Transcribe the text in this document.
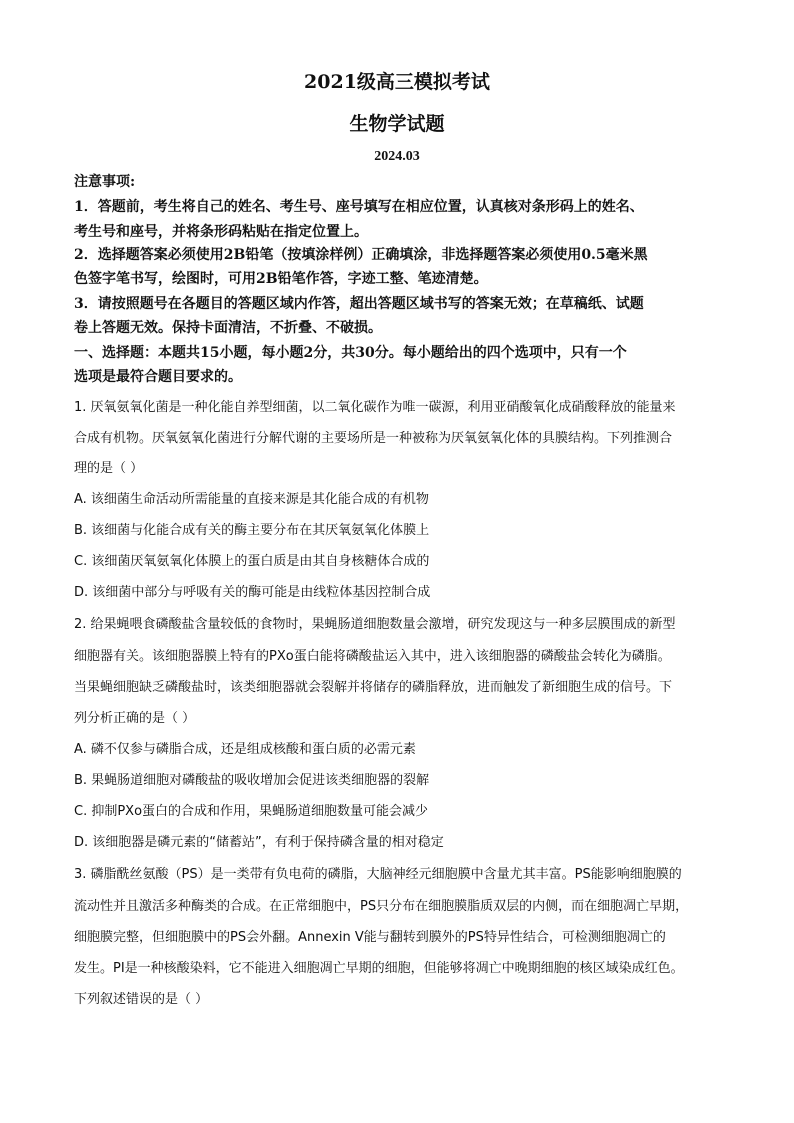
2021级高三模拟考试
生物学试题
2024.03
注意事项:
1．答题前，考生将自己的姓名、考生号、座号填写在相应位置，认真核对条形码上的姓名、
考生号和座号，并将条形码粘贴在指定位置上。
2．选择题答案必须使用2B铅笔（按填涂样例）正确填涂，非选择题答案必须使用0.5毫米黑
色签字笔书写，绘图时，可用2B铅笔作答，字迹工整、笔迹清楚。
3．请按照题号在各题目的答题区域内作答，超出答题区域书写的答案无效；在草稿纸、试题
卷上答题无效。保持卡面清洁，不折叠、不破损。
一、选择题：本题共15小题，每小题2分，共30分。每小题给出的四个选项中，只有一个
选项是最符合题目要求的。
1. 厌氧氨氧化菌是一种化能自养型细菌，以二氧化碳作为唯一碳源，利用亚硝酸氧化成硝酸释放的能量来
合成有机物。厌氧氨氧化菌进行分解代谢的主要场所是一种被称为厌氧氨氧化体的具膜结构。下列推测合
理的是（ ）
A. 该细菌生命活动所需能量的直接来源是其化能合成的有机物
B. 该细菌与化能合成有关的酶主要分布在其厌氧氨氧化体膜上
C. 该细菌厌氧氨氧化体膜上的蛋白质是由其自身核糖体合成的
D. 该细菌中部分与呼吸有关的酶可能是由线粒体基因控制合成
2. 给果蝇喂食磷酸盐含量较低的食物时，果蝇肠道细胞数量会激增，研究发现这与一种多层膜围成的新型
细胞器有关。该细胞器膜上特有的PXo蛋白能将磷酸盐运入其中，进入该细胞器的磷酸盐会转化为磷脂。
当果蝇细胞缺乏磷酸盐时，该类细胞器就会裂解并将储存的磷脂释放，进而触发了新细胞生成的信号。下
列分析正确的是（ ）
A. 磷不仅参与磷脂合成，还是组成核酸和蛋白质的必需元素
B. 果蝇肠道细胞对磷酸盐的吸收增加会促进该类细胞器的裂解
C. 抑制PXo蛋白的合成和作用，果蝇肠道细胞数量可能会减少
D. 该细胞器是磷元素的“储蓄站”，有利于保持磷含量的相对稳定
3. 磷脂酰丝氨酸（PS）是一类带有负电荷的磷脂，大脑神经元细胞膜中含量尤其丰富。PS能影响细胞膜的
流动性并且激活多种酶类的合成。在正常细胞中，PS只分布在细胞膜脂质双层的内侧，而在细胞凋亡早期，
细胞膜完整，但细胞膜中的PS会外翻。Annexin V能与翻转到膜外的PS特异性结合，可检测细胞凋亡的
发生。PI是一种核酸染料，它不能进入细胞凋亡早期的细胞，但能够将凋亡中晚期细胞的核区域染成红色。
下列叙述错误的是（ ）
